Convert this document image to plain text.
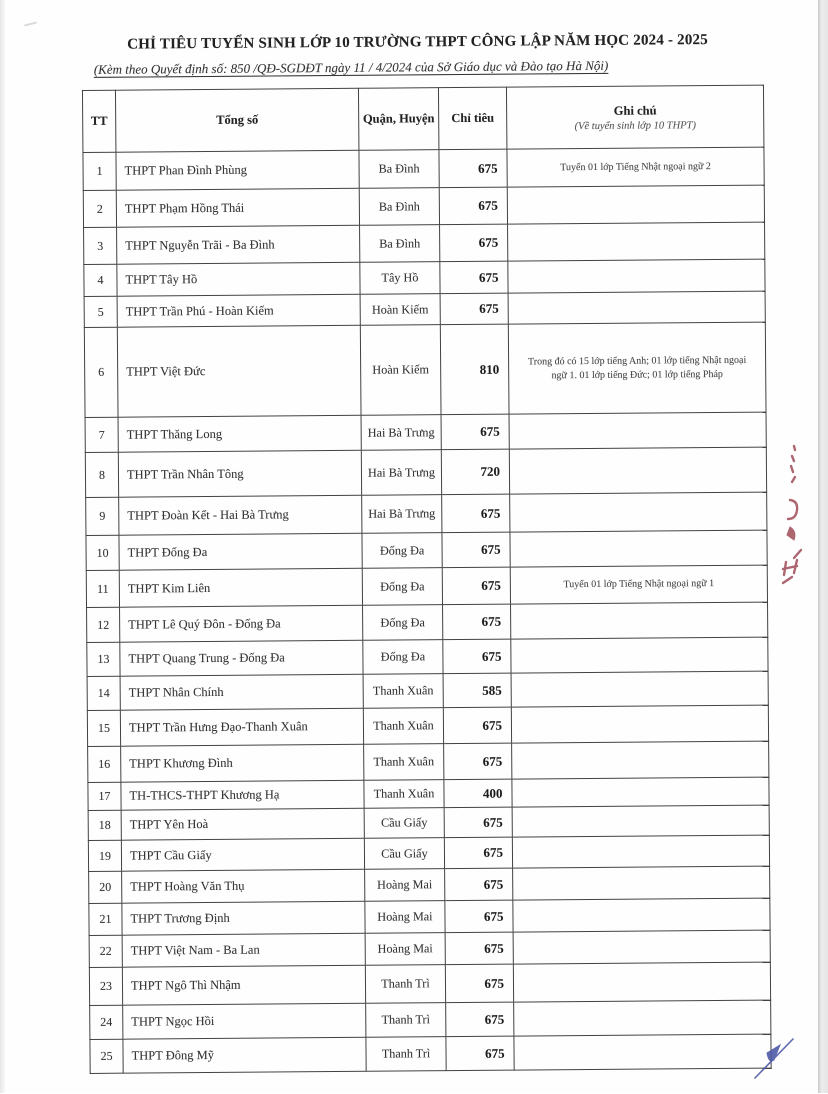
CHỈ TIÊU TUYỂN SINH LỚP 10 TRƯỜNG THPT CÔNG LẬP NĂM HỌC 2024 - 2025
(Kèm theo Quyết định số: 850 /QĐ-SGDĐT ngày 11 / 4/2024 của Sở Giáo dục và Đào tạo Hà Nội)
TT	Tổng số	Quận, Huyện	Chỉ tiêu	Ghi chú
(Về tuyển sinh lớp 10 THPT)

1	THPT Phan Đình Phùng	Ba Đình	675	Tuyển 01 lớp Tiếng Nhật ngoại ngữ 2
2	THPT Phạm Hồng Thái	Ba Đình	675	
3	THPT Nguyễn Trãi - Ba Đình	Ba Đình	675	
4	THPT Tây Hồ	Tây Hồ	675	
5	THPT Trần Phú - Hoàn Kiếm	Hoàn Kiếm	675	
6	THPT Việt Đức	Hoàn Kiếm	810	Trong đó có 15 lớp tiếng Anh; 01 lớp tiếng Nhật ngoại ngữ 1. 01 lớp tiếng Đức; 01 lớp tiếng Pháp
7	THPT Thăng Long	Hai Bà Trưng	675	
8	THPT Trần Nhân Tông	Hai Bà Trưng	720	
9	THPT Đoàn Kết - Hai Bà Trưng	Hai Bà Trưng	675	
10	THPT Đống Đa	Đống Đa	675	
11	THPT Kim Liên	Đống Đa	675	Tuyển 01 lớp Tiếng Nhật ngoại ngữ 1
12	THPT Lê Quý Đôn - Đống Đa	Đống Đa	675	
13	THPT Quang Trung - Đống Đa	Đống Đa	675	
14	THPT Nhân Chính	Thanh Xuân	585	
15	THPT Trần Hưng Đạo-Thanh Xuân	Thanh Xuân	675	
16	THPT Khương Đình	Thanh Xuân	675	
17	TH-THCS-THPT Khương Hạ	Thanh Xuân	400	
18	THPT Yên Hoà	Cầu Giấy	675	
19	THPT Cầu Giấy	Cầu Giấy	675	
20	THPT Hoàng Văn Thụ	Hoàng Mai	675	
21	THPT Trương Định	Hoàng Mai	675	
22	THPT Việt Nam - Ba Lan	Hoàng Mai	675	
23	THPT Ngô Thì Nhậm	Thanh Trì	675	
24	THPT Ngọc Hồi	Thanh Trì	675	
25	THPT Đông Mỹ	Thanh Trì	675	
